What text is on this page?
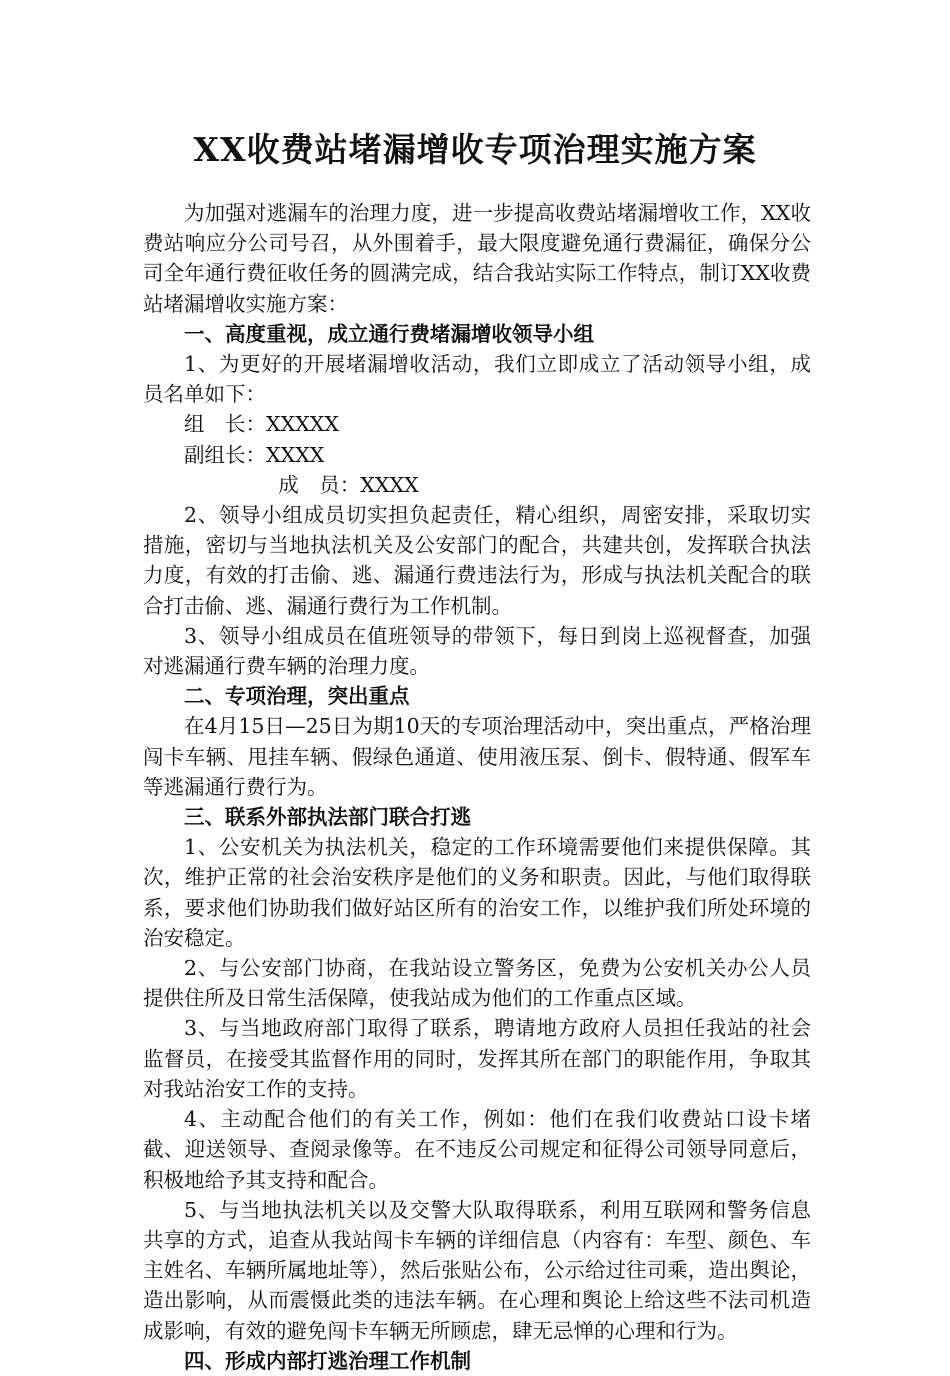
XX收费站堵漏增收专项治理实施方案

为加强对逃漏车的治理力度，进一步提高收费站堵漏增收工作，XX收费站响应分公司号召，从外围着手，最大限度避免通行费漏征，确保分公司全年通行费征收任务的圆满完成，结合我站实际工作特点，制订XX收费站堵漏增收实施方案：

一、高度重视，成立通行费堵漏增收领导小组

1、为更好的开展堵漏增收活动，我们立即成立了活动领导小组，成员名单如下：

组　长：XXXXX

副组长：XXXX

成　员：XXXX

2、领导小组成员切实担负起责任，精心组织，周密安排，采取切实措施，密切与当地执法机关及公安部门的配合，共建共创，发挥联合执法力度，有效的打击偷、逃、漏通行费违法行为，形成与执法机关配合的联合打击偷、逃、漏通行费行为工作机制。

3、领导小组成员在值班领导的带领下，每日到岗上巡视督查，加强对逃漏通行费车辆的治理力度。

二、专项治理，突出重点

在4月15日—25日为期10天的专项治理活动中，突出重点，严格治理闯卡车辆、甩挂车辆、假绿色通道、使用液压泵、倒卡、假特通、假军车等逃漏通行费行为。

三、联系外部执法部门联合打逃

1、公安机关为执法机关，稳定的工作环境需要他们来提供保障。其次，维护正常的社会治安秩序是他们的义务和职责。因此，与他们取得联系，要求他们协助我们做好站区所有的治安工作，以维护我们所处环境的治安稳定。

2、与公安部门协商，在我站设立警务区，免费为公安机关办公人员提供住所及日常生活保障，使我站成为他们的工作重点区域。

3、与当地政府部门取得了联系，聘请地方政府人员担任我站的社会监督员，在接受其监督作用的同时，发挥其所在部门的职能作用，争取其对我站治安工作的支持。

4、主动配合他们的有关工作，例如：他们在我们收费站口设卡堵截、迎送领导、查阅录像等。在不违反公司规定和征得公司领导同意后，积极地给予其支持和配合。

5、与当地执法机关以及交警大队取得联系，利用互联网和警务信息共享的方式，追查从我站闯卡车辆的详细信息（内容有：车型、颜色、车主姓名、车辆所属地址等），然后张贴公布，公示给过往司乘，造出舆论，造出影响，从而震慑此类的违法车辆。在心理和舆论上给这些不法司机造成影响，有效的避免闯卡车辆无所顾虑，肆无忌惮的心理和行为。

四、形成内部打逃治理工作机制
